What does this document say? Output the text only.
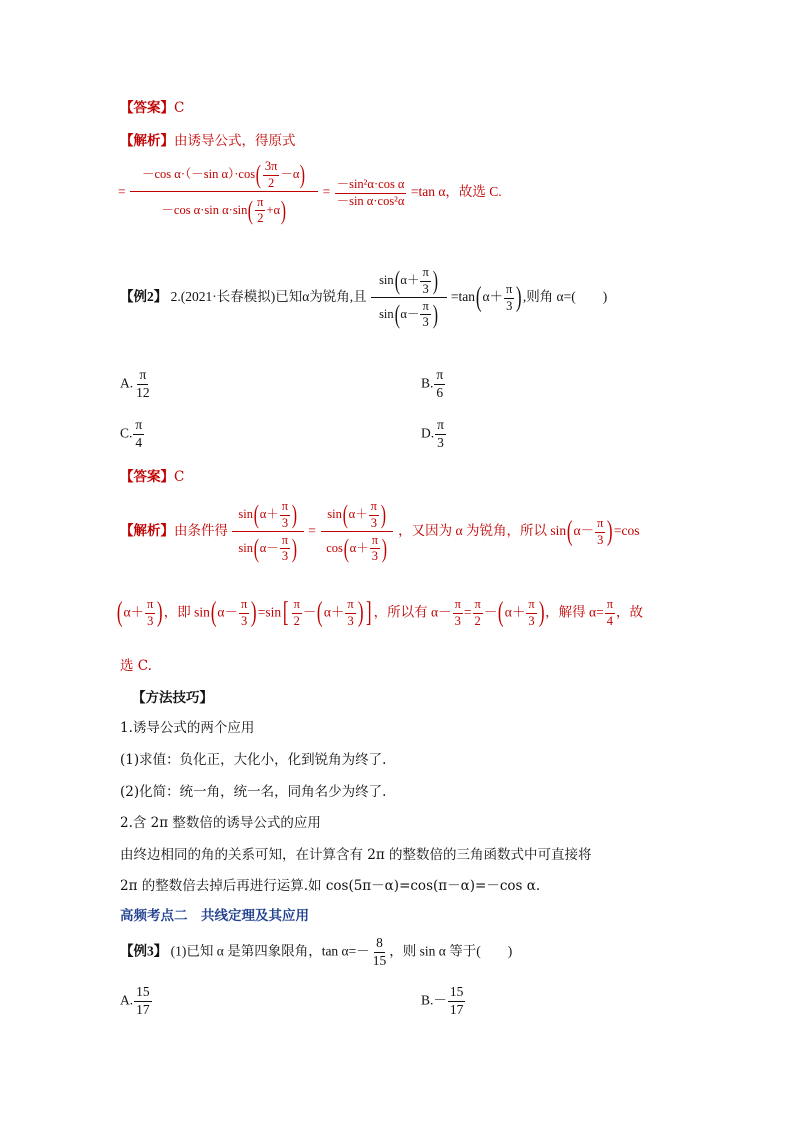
【答案】C
【解析】由诱导公式，得原式
= $\frac{-\cos \alpha\cdot(-\sin \alpha)\cdot\cos( \frac{3\pi}{2} -\alpha)}{-\cos \alpha\cdot\sin \alpha\cdot\sin( \frac{\pi}{2} +\alpha)} = \frac{\text{－sin²α·cos α}}{\text{－sin α·cos²α}} =\tan$ α，故选 C.
【例2】 2.(2021·长春模拟)已知α为锐角,且 $\frac{\sin(\alpha+ \frac{\pi}{3} )}{\sin(\alpha- \frac{\pi}{3} )} =\tan(\alpha+ \frac{\pi}{3}$ ),则角 α=(　　)
A. $\frac{\pi}{12}$	B. $\frac{\pi}{6}$
C. $\frac{\pi}{4}$	D. $\frac{\pi}{3}$
【答案】C
【解析】由条件得 $\frac{\sin(\alpha+ \frac{\pi}{3} )}{\sin(\alpha- \frac{\pi}{3} )} = \frac{\sin(\alpha+ \frac{\pi}{3} )}{\cos(\alpha+ \frac{\pi}{3} )}$ ，又因为 α 为锐角，所以 $\sin(\alpha- \frac{\pi}{3} )=\cos$
($\alpha+ \frac{\pi}{3}$ )，即 $\sin(\alpha- \frac{\pi}{3} )=\sin[ \frac{\pi}{2} -(\alpha+ \frac{\pi}{3}$ )] ，所以有 $\alpha- \frac{\pi}{3} = \frac{\pi}{2} -(\alpha+ \frac{\pi}{3}$ )，解得 $\alpha= \frac{\pi}{4}$ ，故
选 C.
【方法技巧】
1.诱导公式的两个应用
(1)求值：负化正，大化小，化到锐角为终了.
(2)化简：统一角，统一名，同角名少为终了.
2.含 2π 整数倍的诱导公式的应用
由终边相同的角的关系可知，在计算含有 2π 的整数倍的三角函数式中可直接将
2π 的整数倍去掉后再进行运算.如 cos(5π－α)=cos(π－α)=－cos α.
高频考点二　共线定理及其应用
【例3】 (1)已知 α 是第四象限角，$\tan \alpha=- \frac{8}{15}$ ，则 sin α 等于(　　)
A. $\frac{15}{17}$	$B.- \frac{15}{17}$
